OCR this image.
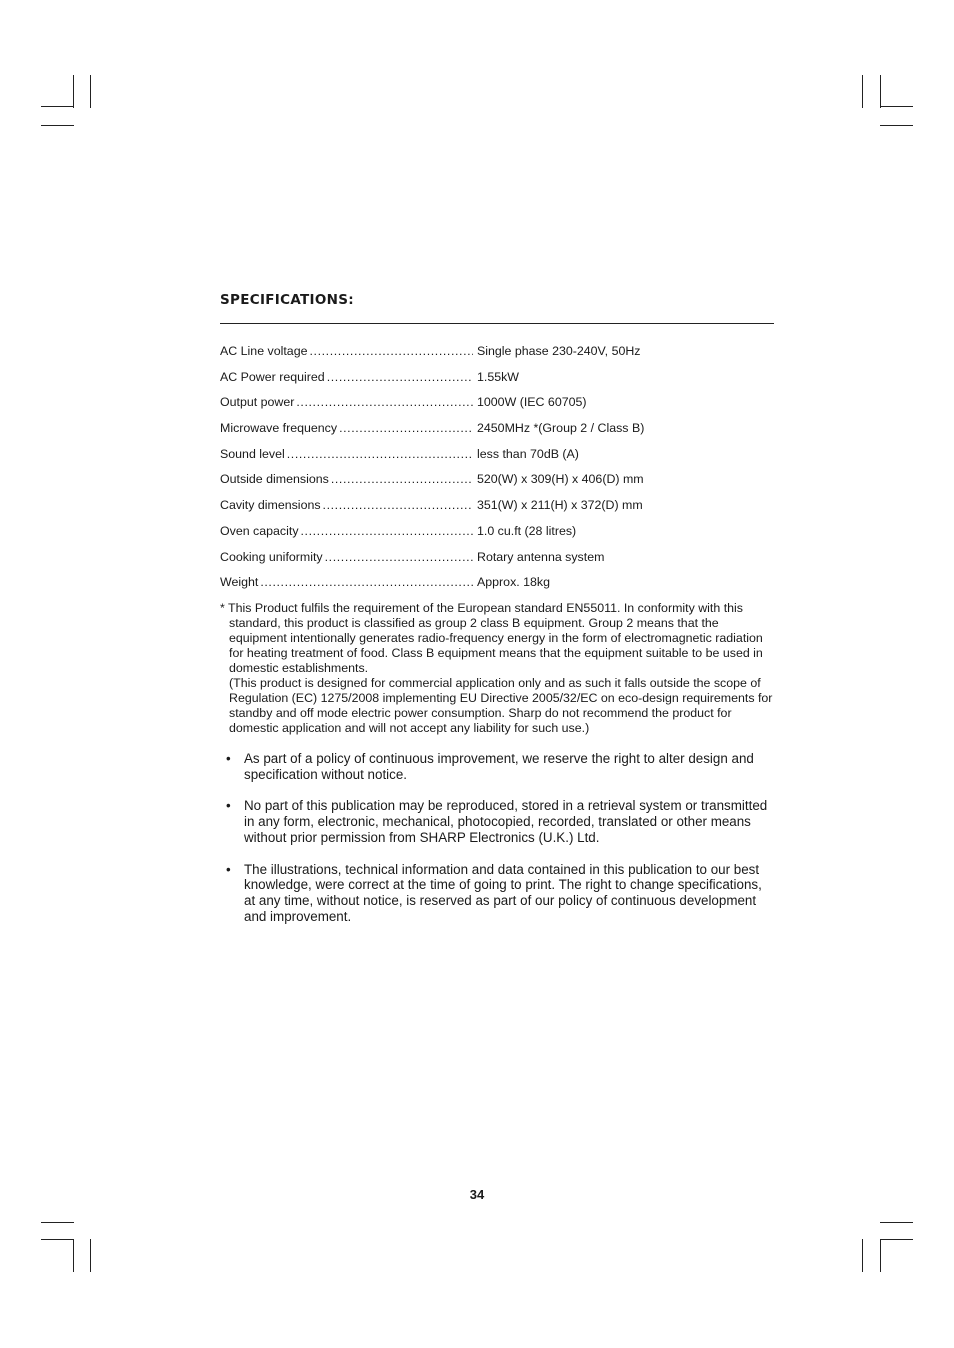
SPECIFICATIONS:
AC Line voltage .....	Single phase 230-240V, 50Hz
AC Power required .....	1.55kW
Output power .....	1000W (IEC 60705)
Microwave frequency .....	2450MHz *(Group 2 / Class B)
Sound level .....	less than 70dB (A)
Outside dimensions .....	520(W) x 309(H) x 406(D) mm
Cavity dimensions .....	351(W) x 211(H) x 372(D) mm
Oven capacity .....	1.0 cu.ft (28 litres)
Cooking uniformity .....	Rotary antenna system
Weight .....	Approx. 18kg

* This Product fulfils the requirement of the European standard EN55011. In conformity with this standard, this product is classified as group 2 class B equipment. Group 2 means that the equipment intentionally generates radio-frequency energy in the form of electromagnetic radiation for heating treatment of food. Class B equipment means that the equipment suitable to be used in domestic establishments.

(This product is designed for commercial application only and as such it falls outside the scope of Regulation (EC) 1275/2008 implementing EU Directive 2005/32/EC on eco-design requirements for standby and off mode electric power consumption. Sharp do not recommend the product for domestic application and will not accept any liability for such use.)

• As part of a policy of continuous improvement, we reserve the right to alter design and specification without notice.
• No part of this publication may be reproduced, stored in a retrieval system or transmitted in any form, electronic, mechanical, photocopied, recorded, translated or other means without prior permission from SHARP Electronics (U.K.) Ltd.
• The illustrations, technical information and data contained in this publication to our best knowledge, were correct at the time of going to print. The right to change specifications, at any time, without notice, is reserved as part of our policy of continuous development and improvement.
34
